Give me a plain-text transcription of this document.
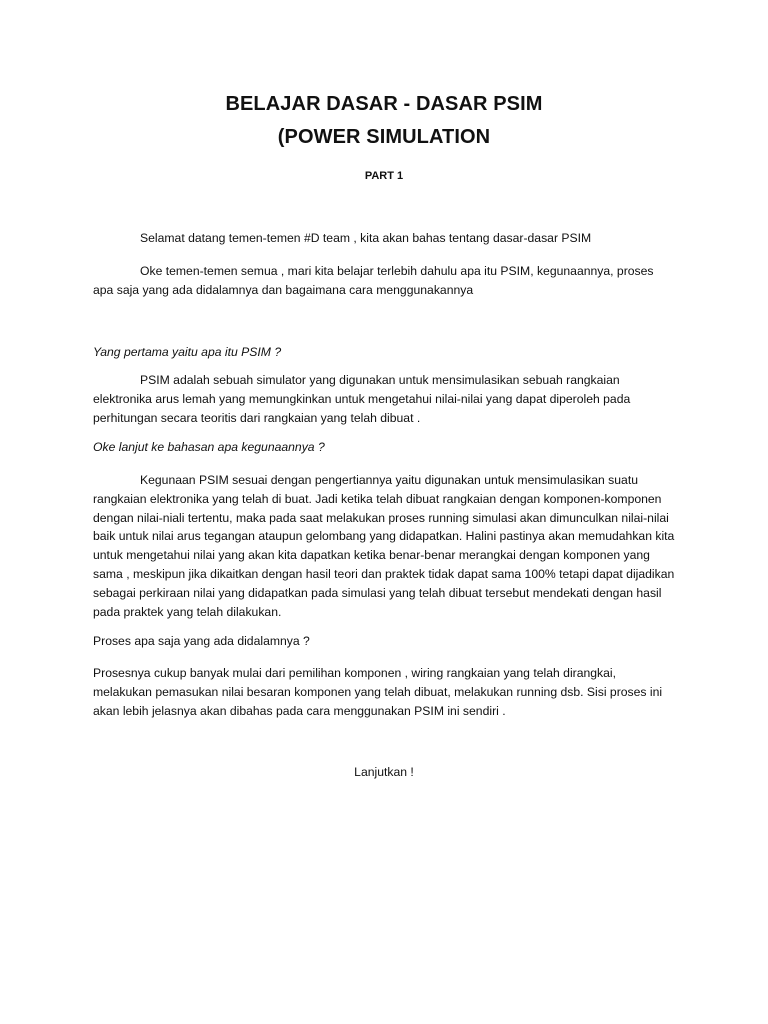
BELAJAR DASAR - DASAR PSIM
(POWER SIMULATION

PART 1

Selamat datang temen-temen #D team , kita akan bahas tentang dasar-dasar PSIM

Oke temen-temen semua , mari kita belajar terlebih dahulu apa itu PSIM, kegunaannya, proses apa saja yang ada didalamnya dan bagaimana cara menggunakannya

Yang pertama yaitu apa itu PSIM ?

PSIM adalah sebuah simulator yang digunakan untuk mensimulasikan sebuah rangkaian elektronika arus lemah yang memungkinkan untuk mengetahui nilai-nilai yang dapat diperoleh pada perhitungan secara teoritis dari rangkaian yang telah dibuat .

Oke lanjut ke bahasan apa kegunaannya ?

Kegunaan PSIM sesuai dengan pengertiannya yaitu digunakan untuk mensimulasikan suatu rangkaian elektronika yang telah di buat. Jadi ketika telah dibuat rangkaian dengan komponen-komponen dengan nilai-niali tertentu, maka pada saat melakukan proses running simulasi akan dimunculkan nilai-nilai baik untuk nilai arus tegangan ataupun gelombang yang didapatkan. Halini pastinya akan memudahkan kita untuk mengetahui nilai yang akan kita dapatkan ketika benar-benar merangkai dengan komponen yang sama , meskipun jika dikaitkan dengan hasil teori dan praktek tidak dapat sama 100% tetapi dapat dijadikan sebagai perkiraan nilai yang didapatkan pada simulasi yang telah dibuat tersebut mendekati dengan hasil pada praktek yang telah dilakukan.

Proses apa saja yang ada didalamnya ?

Prosesnya cukup banyak mulai dari pemilihan komponen , wiring rangkaian yang telah dirangkai, melakukan pemasukan nilai besaran komponen yang telah dibuat, melakukan running dsb. Sisi proses ini akan lebih jelasnya akan dibahas pada cara menggunakan PSIM ini sendiri .

Lanjutkan !
